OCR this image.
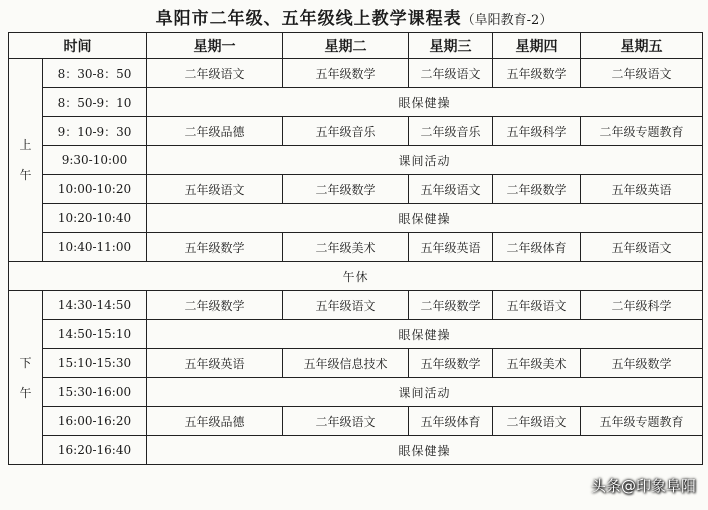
阜阳市二年级、五年级线上教学课程表（阜阳教育-2）
时间		星期一	星期二	星期三	星期四	星期五

上
午	8：30-8：50	二年级语文	五年级数学	二年级语文	五年级数学	二年级语文
	8：50-9：10	眼保健操				
	9：10-9：30	二年级品德	五年级音乐	二年级音乐	五年级科学	二年级专题教育
	9:30-10:00	课间活动				
	10:00-10:20	五年级语文	二年级数学	五年级语文	二年级数学	五年级英语
	10:20-10:40	眼保健操				
	10:40-11:00	五年级数学	二年级美术	五年级英语	二年级体育	五年级语文
午休						

下
午	14:30-14:50	二年级数学	五年级语文	二年级数学	五年级语文	二年级科学
	14:50-15:10	眼保健操				
	15:10-15:30	五年级英语	五年级信息技术	五年级数学	五年级美术	五年级数学
	15:30-16:00	课间活动				
	16:00-16:20	五年级品德	二年级语文	五年级体育	二年级语文	五年级专题教育
	16:20-16:40	眼保健操				
头条@印象阜阳
